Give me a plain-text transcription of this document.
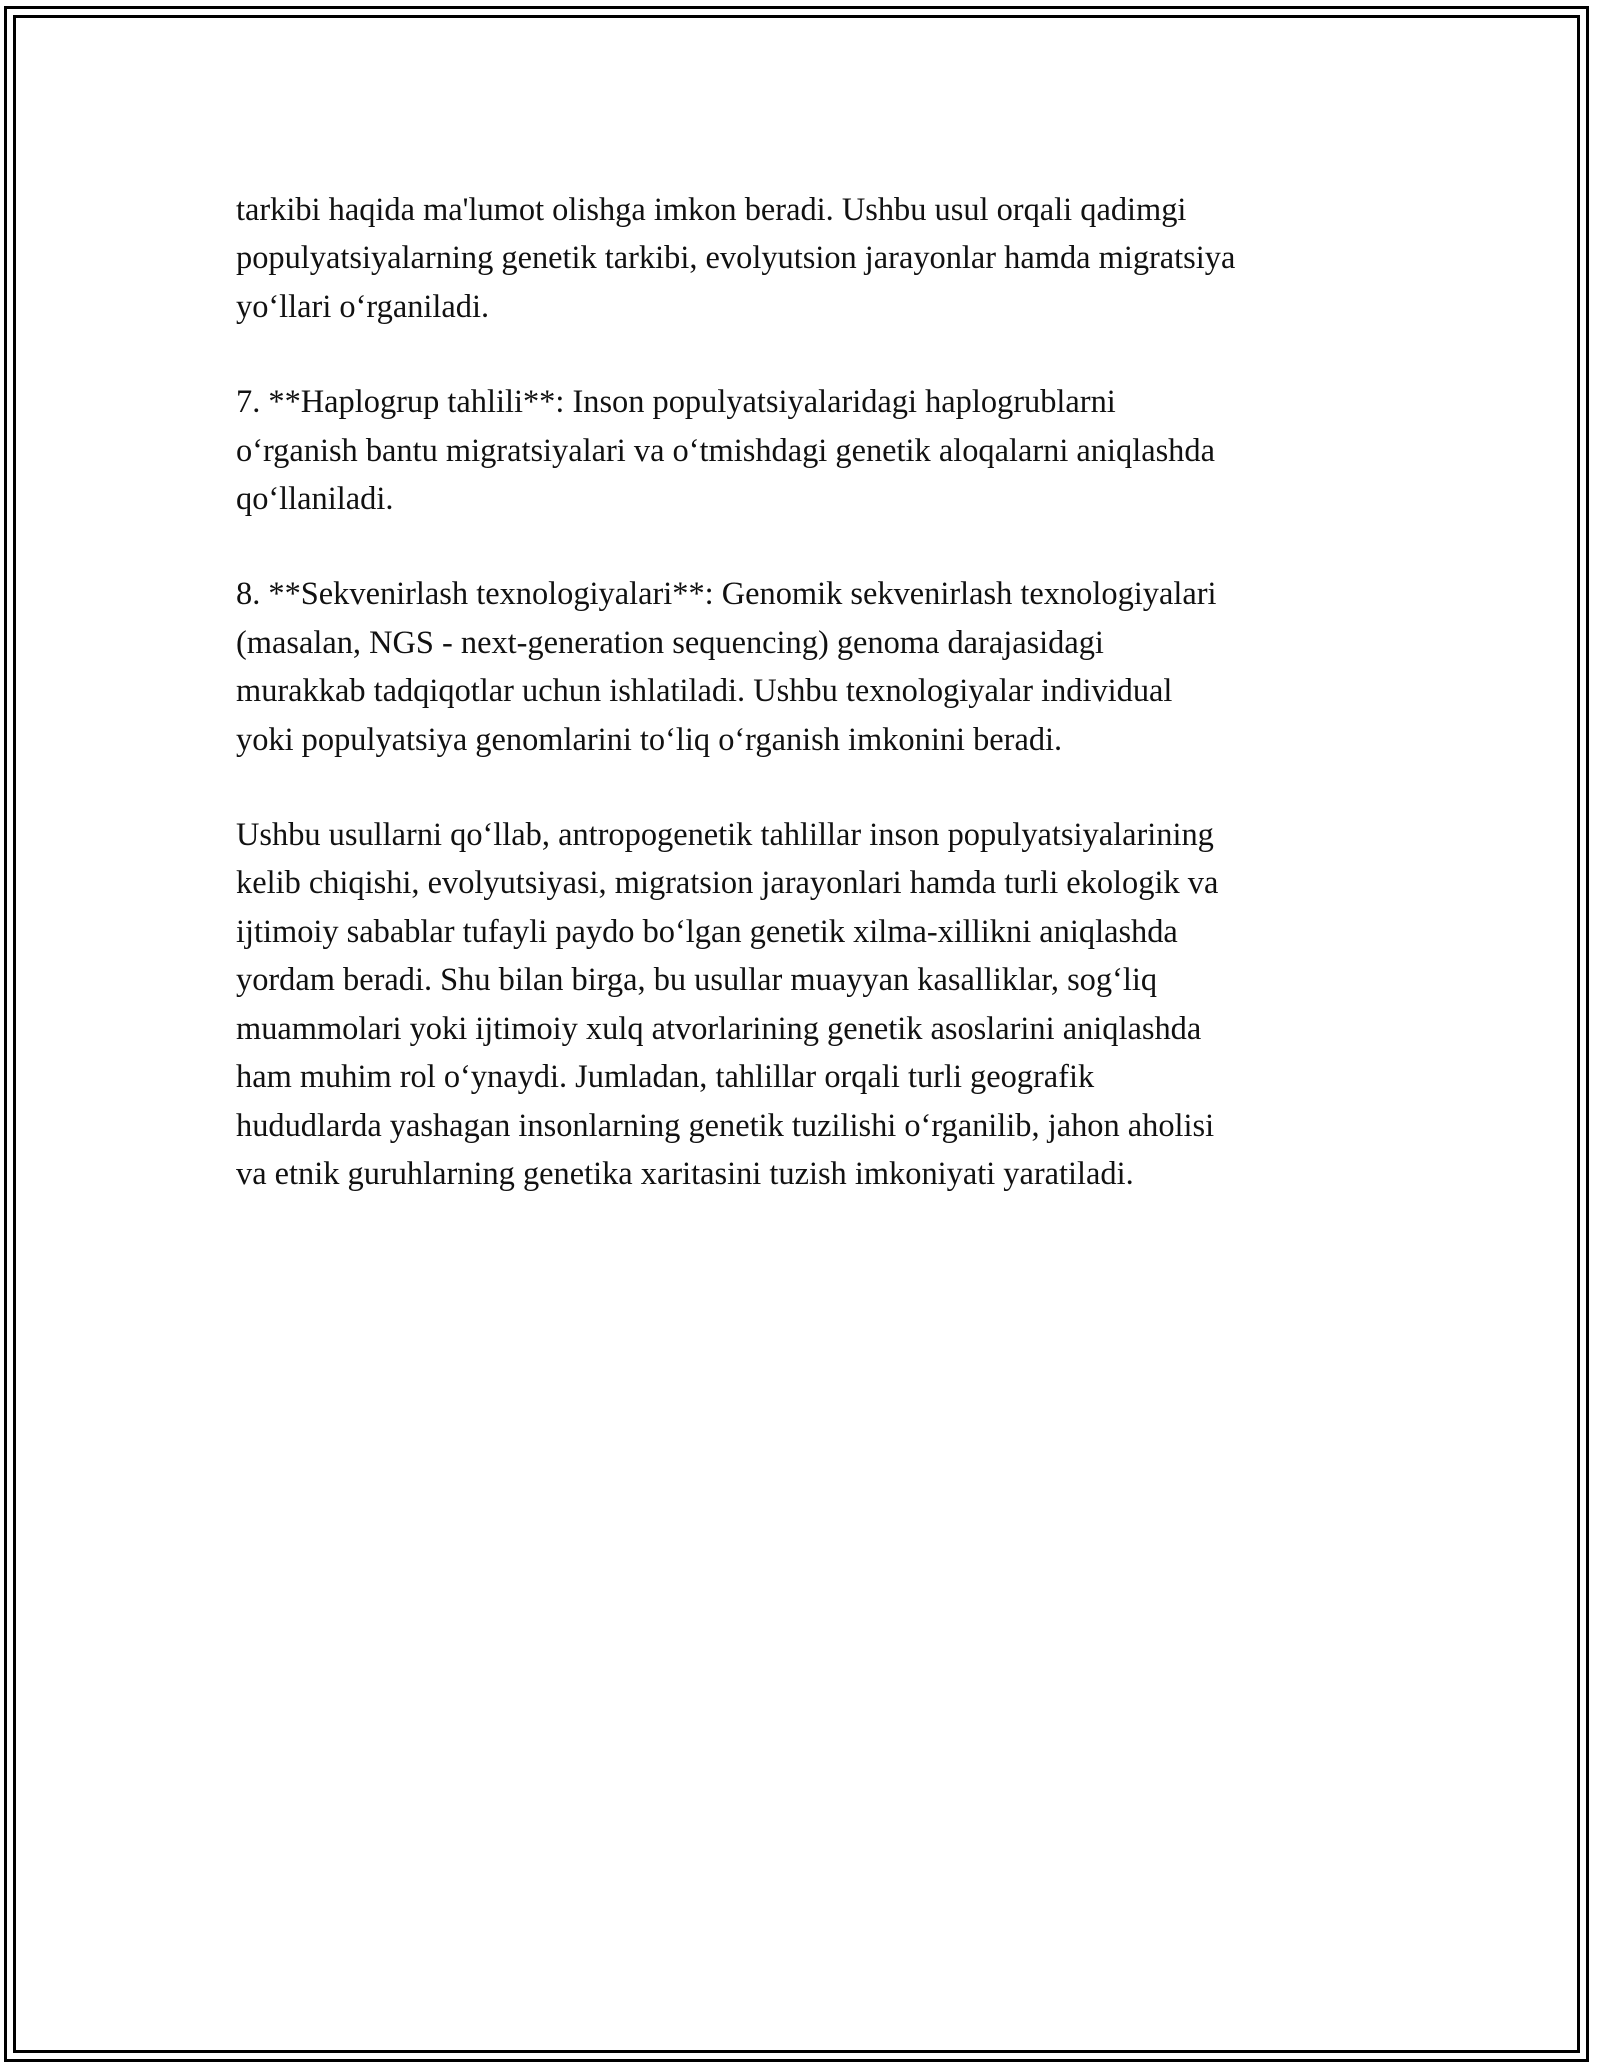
tarkibi haqida ma'lumot olishga imkon beradi. Ushbu usul orqali qadimgi
populyatsiyalarning genetik tarkibi, evolyutsion jarayonlar hamda migratsiya
yo‘llari o‘rganiladi.

7. **Haplogrup tahlili**: Inson populyatsiyalaridagi haplogrublarni
o‘rganish bantu migratsiyalari va o‘tmishdagi genetik aloqalarni aniqlashda
qo‘llaniladi.

8. **Sekvenirlash texnologiyalari**: Genomik sekvenirlash texnologiyalari
(masalan, NGS - next-generation sequencing) genoma darajasidagi
murakkab tadqiqotlar uchun ishlatiladi. Ushbu texnologiyalar individual
yoki populyatsiya genomlarini to‘liq o‘rganish imkonini beradi.

Ushbu usullarni qo‘llab, antropogenetik tahlillar inson populyatsiyalarining
kelib chiqishi, evolyutsiyasi, migratsion jarayonlari hamda turli ekologik va
ijtimoiy sabablar tufayli paydo bo‘lgan genetik xilma-xillikni aniqlashda
yordam beradi. Shu bilan birga, bu usullar muayyan kasalliklar, sog‘liq
muammolari yoki ijtimoiy xulq atvorlarining genetik asoslarini aniqlashda
ham muhim rol o‘ynaydi. Jumladan, tahlillar orqali turli geografik
hududlarda yashagan insonlarning genetik tuzilishi o‘rganilib, jahon aholisi
va etnik guruhlarning genetika xaritasini tuzish imkoniyati yaratiladi.
